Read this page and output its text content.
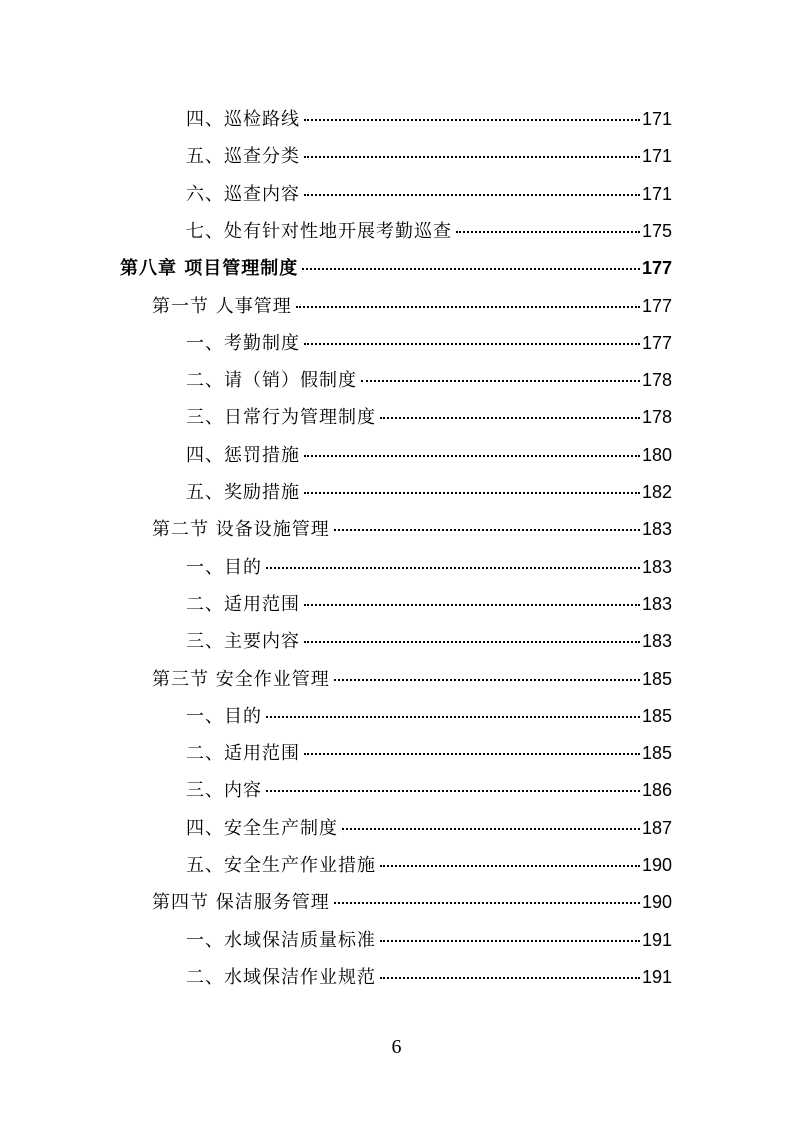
四、巡检路线	171
五、巡查分类	171
六、巡查内容	171
七、处有针对性地开展考勤巡查	175
第八章 项目管理制度	177
第一节 人事管理	177
一、考勤制度	177
二、请（销）假制度	178
三、日常行为管理制度	178
四、惩罚措施	180
五、奖励措施	182
第二节 设备设施管理	183
一、目的	183
二、适用范围	183
三、主要内容	183
第三节 安全作业管理	185
一、目的	185
二、适用范围	185
三、内容	186
四、安全生产制度	187
五、安全生产作业措施	190
第四节 保洁服务管理	190
一、水域保洁质量标准	191
二、水域保洁作业规范	191
6
